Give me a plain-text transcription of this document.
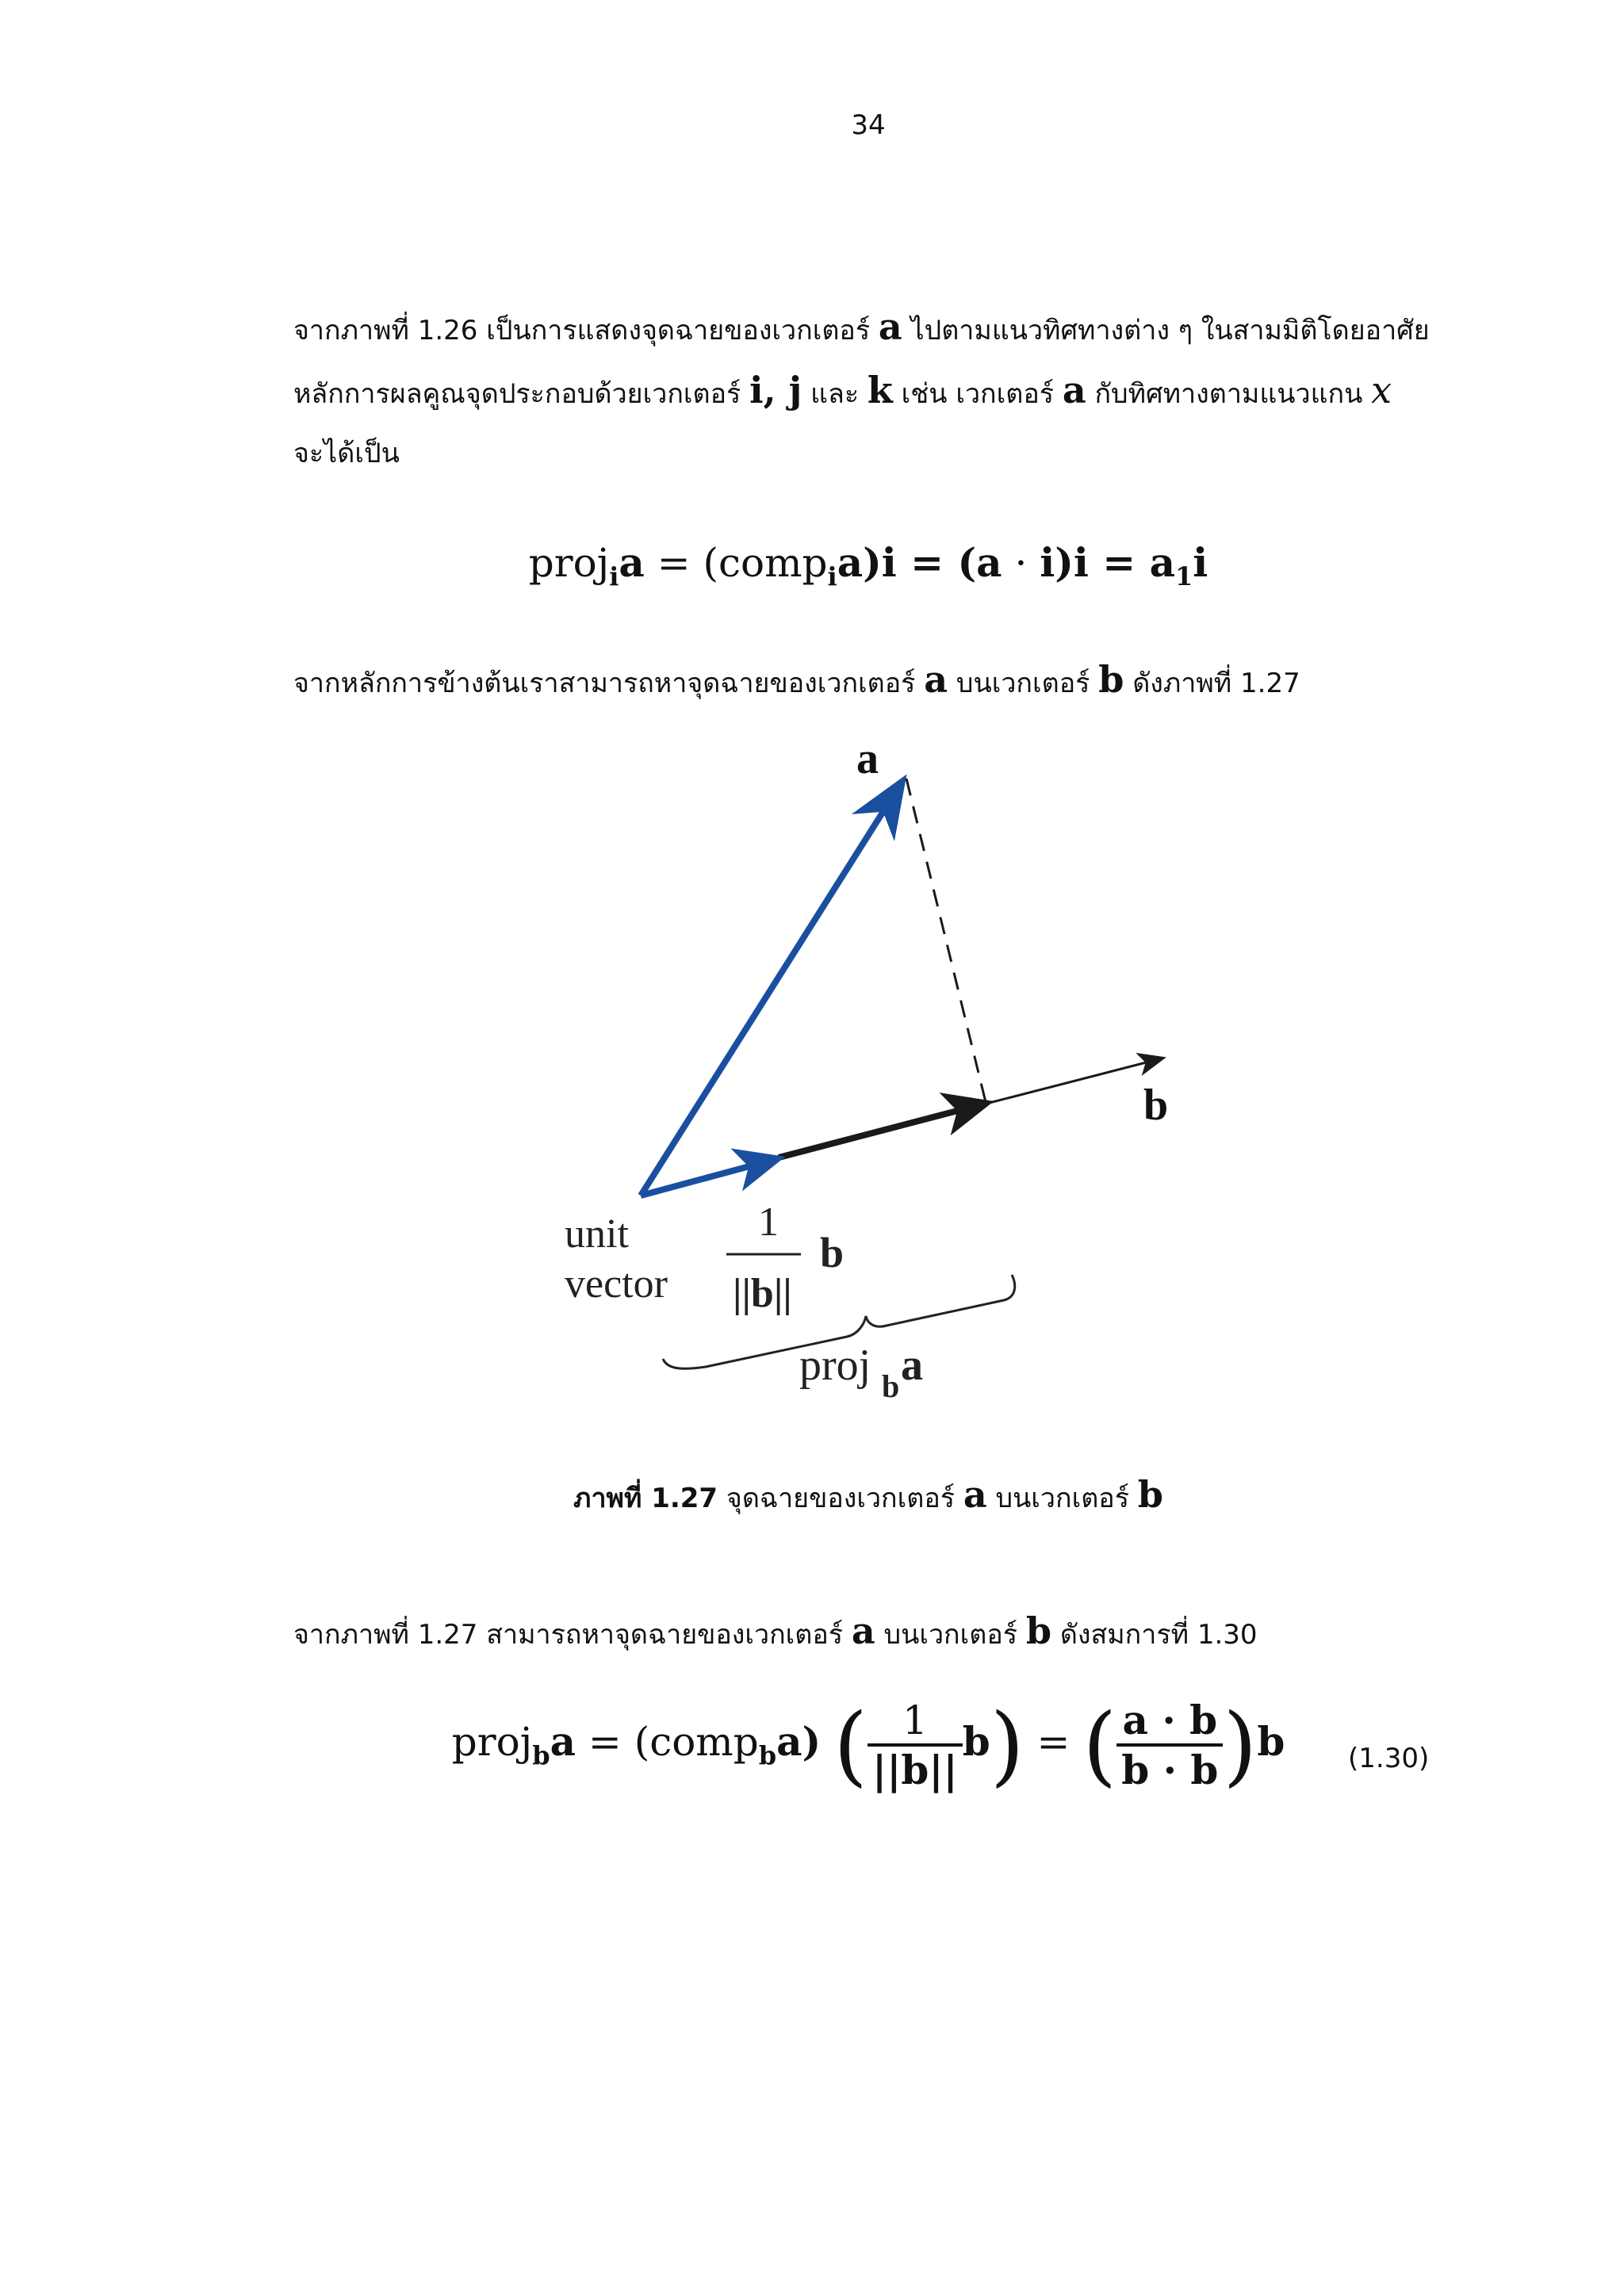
34
จากภาพที่ 1.26 เป็นการแสดงจุดฉายของเวกเตอร์ a ไปตามแนวทิศทางต่าง ๆ ในสามมิติโดยอาศัย
หลักการผลคูณจุดประกอบด้วยเวกเตอร์ i, j และ k เช่น เวกเตอร์ a กับทิศทางตามแนวแกน x
จะได้เป็น
proj$_i$a = (comp$_i$a)i = $(a \cdot i)i = a_1i$
จากหลักการข้างต้นเราสามารถหาจุดฉายของเวกเตอร์ a บนเวกเตอร์ b ดังภาพที่ 1.27
a
b
unit
vector
1
||b||
b
proj b a
ภาพที่ 1.27 จุดฉายของเวกเตอร์ a บนเวกเตอร์ b
จากภาพที่ 1.27 สามารถหาจุดฉายของเวกเตอร์ a บนเวกเตอร์ b ดังสมการที่ 1.30
proj$_b$a = (comp$_b$a) ( $\frac{1}{||b||} b$) = ( $\frac{a \cdot b}{b \cdot b} )b$	(1.30)
